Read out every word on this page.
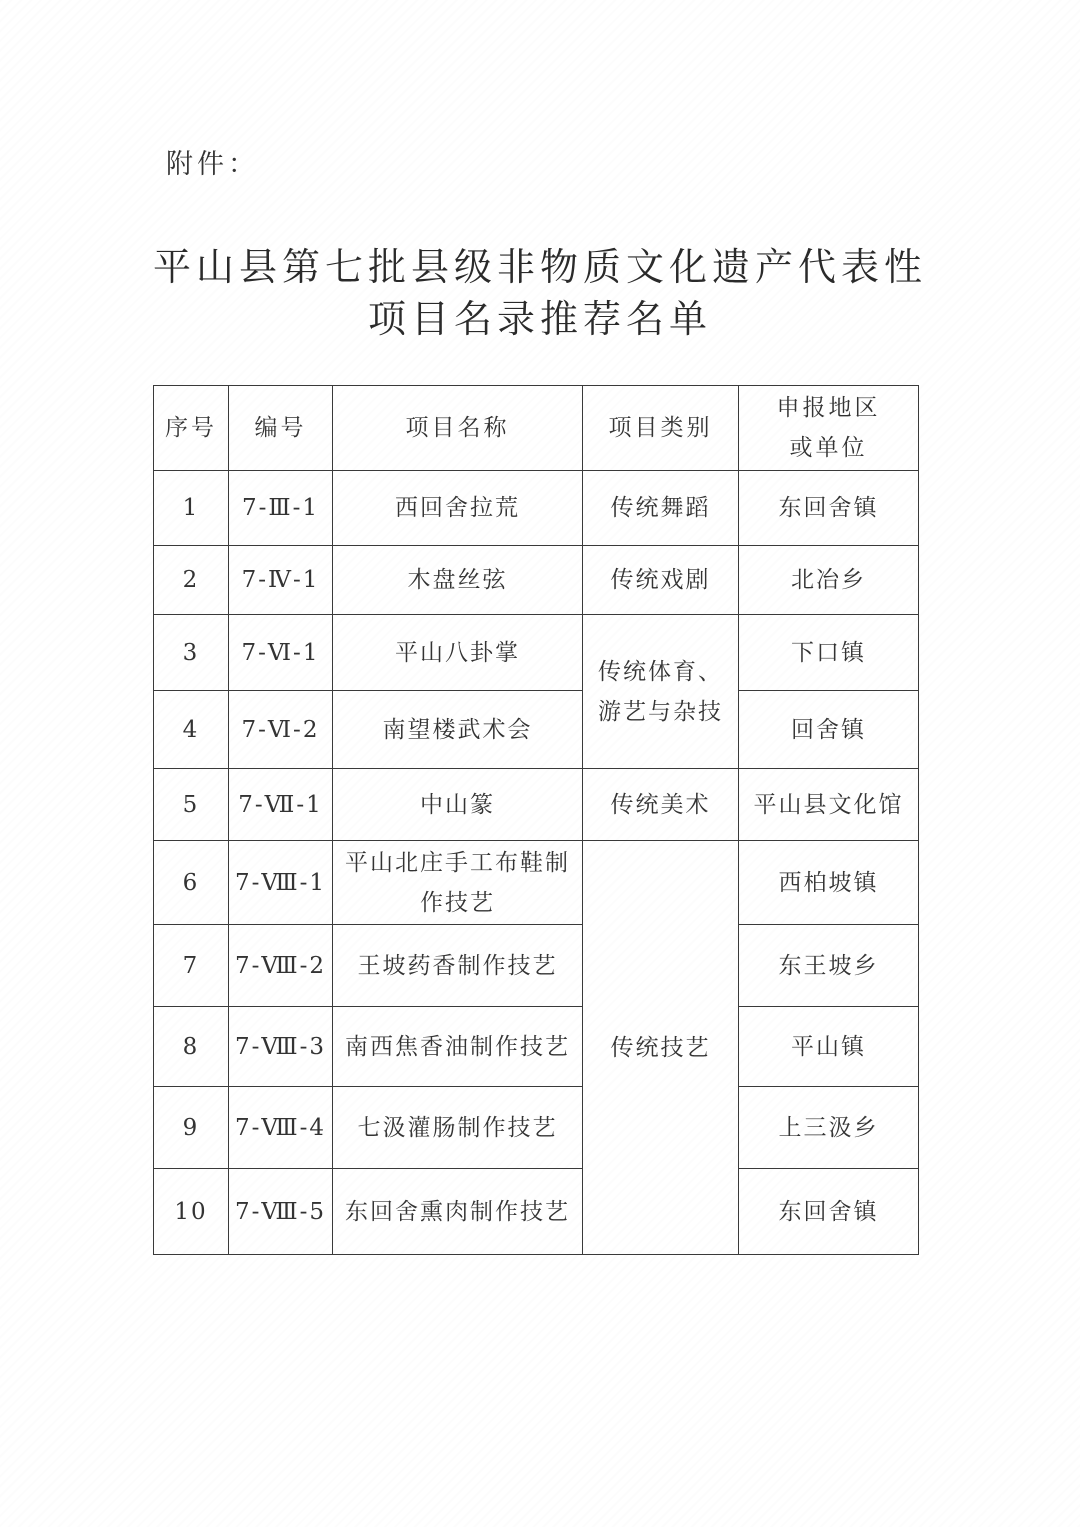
附件：
平山县第七批县级非物质文化遗产代表性
项目名录推荐名单
序号	编号	项目名称	项目类别	申报地区 或单位
1	7-Ⅲ-1	西回舍拉荒	传统舞蹈	东回舍镇
2	7-Ⅳ-1	木盘丝弦	传统戏剧	北冶乡
3	7-Ⅵ-1	平山八卦掌	传统体育、 游艺与杂技	下口镇
4	7-Ⅵ-2	南望楼武术会		回舍镇
5	7-Ⅶ-1	中山篆	传统美术	平山县文化馆
6	7-Ⅷ-1	平山北庄手工布鞋制 作技艺	传统技艺	西柏坡镇
7	7-Ⅷ-2	王坡药香制作技艺		东王坡乡
8	7-Ⅷ-3	南西焦香油制作技艺		平山镇
9	7-Ⅷ-4	七汲灌肠制作技艺		上三汲乡
10	7-Ⅷ-5	东回舍熏肉制作技艺		东回舍镇
